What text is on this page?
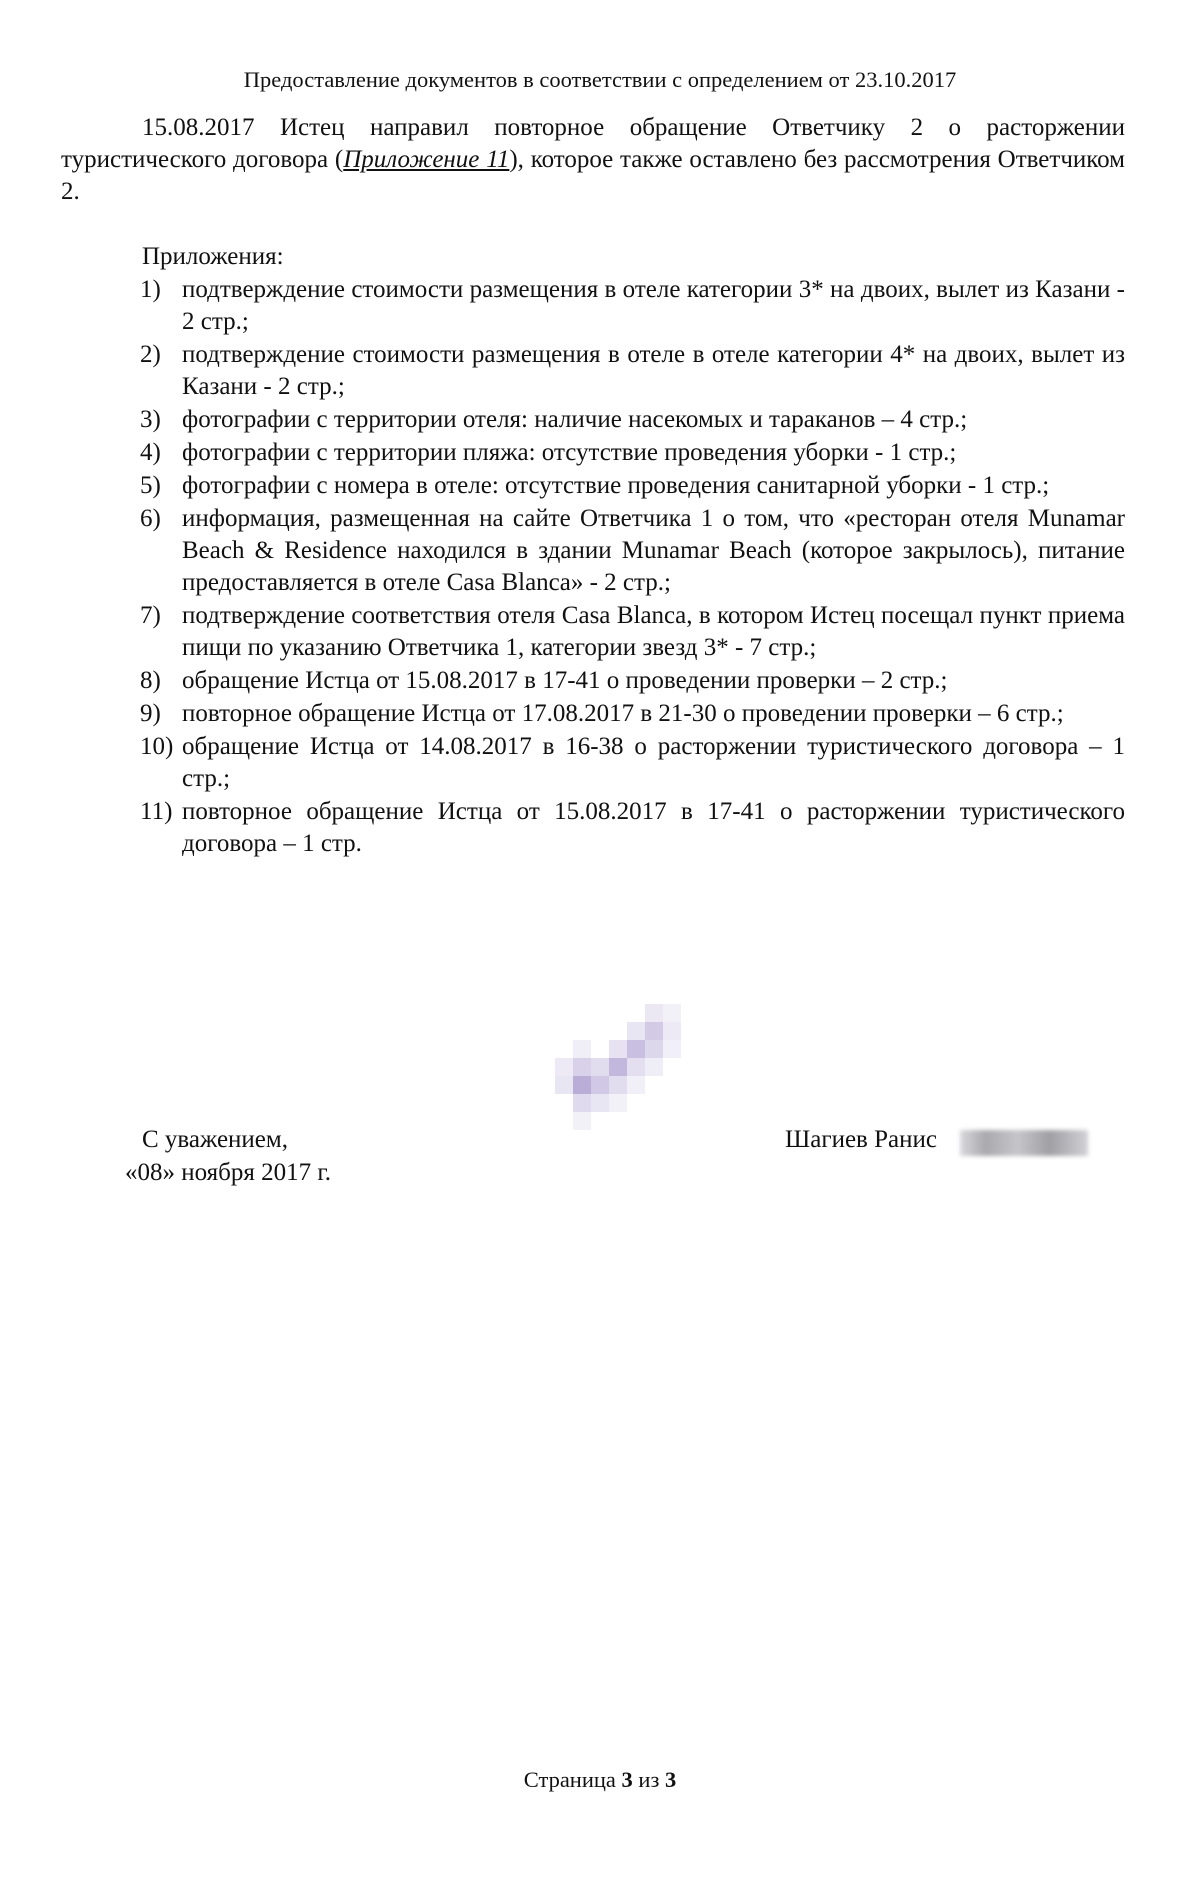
Предоставление документов в соответствии с определением от 23.10.2017

15.08.2017 Истец направил повторное обращение Ответчику 2 о расторжении туристического договора (Приложение 11), которое также оставлено без рассмотрения Ответчиком 2.

Приложения:
1) подтверждение стоимости размещения в отеле категории 3* на двоих, вылет из Казани - 2 стр.;
2) подтверждение стоимости размещения в отеле в отеле категории 4* на двоих, вылет из Казани - 2 стр.;
3) фотографии с территории отеля: наличие насекомых и тараканов – 4 стр.;
4) фотографии с территории пляжа: отсутствие проведения уборки - 1 стр.;
5) фотографии с номера в отеле: отсутствие проведения санитарной уборки - 1 стр.;
6) информация, размещенная на сайте Ответчика 1 о том, что «ресторан отеля Munamar Beach & Residence находился в здании Munamar Beach (которое закрылось), питание предоставляется в отеле Casa Blanca» - 2 стр.;
7) подтверждение соответствия отеля Casa Blanca, в котором Истец посещал пункт приема пищи по указанию Ответчика 1, категории звезд 3* - 7 стр.;
8) обращение Истца от 15.08.2017 в 17-41 о проведении проверки – 2 стр.;
9) повторное обращение Истца от 17.08.2017 в 21-30 о проведении проверки – 6 стр.;
10) обращение Истца от 14.08.2017 в 16-38 о расторжении туристического договора – 1 стр.;
11) повторное обращение Истца от 15.08.2017 в 17-41 о расторжении туристического договора – 1 стр.
С уважением,
«08» ноября 2017 г.
Шагиев Ранис
Страница 3 из 3
